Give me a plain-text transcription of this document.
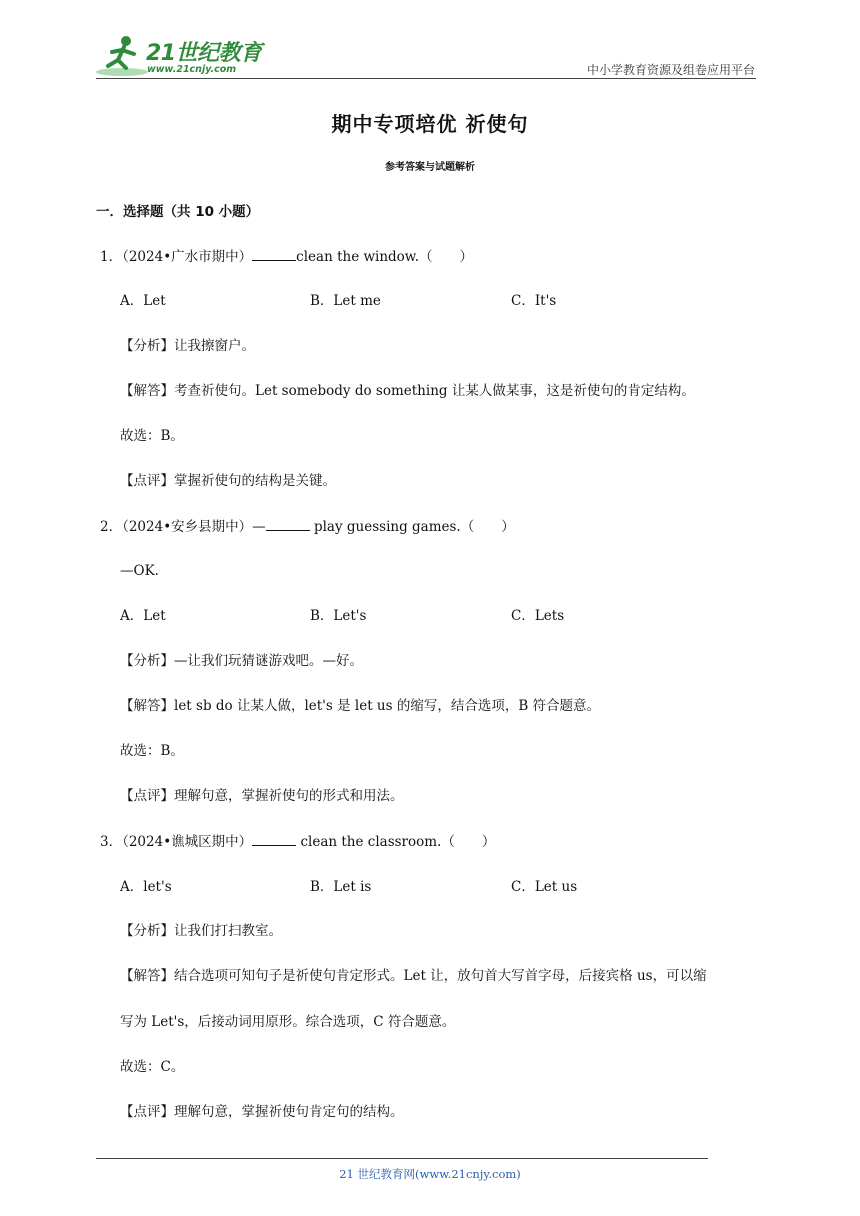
21世纪教育
www.21cnjy.com	中小学教育资源及组卷应用平台
期中专项培优 祈使句
参考答案与试题解析
一．选择题（共 10 小题）
1．（2024•广水市期中）	clean the window.（　　）
A．Let	B．Let me	C．It's
【分析】让我擦窗户。
【解答】考查祈使句。Let somebody do something 让某人做某事，这是祈使句的肯定结构。
故选：B。
【点评】掌握祈使句的结构是关键。
2．（2024•安乡县期中）—	play guessing games.（　　）
—OK.
A．Let	B．Let's	C．Lets
【分析】—让我们玩猜谜游戏吧。—好。
【解答】let sb do 让某人做，let's 是 let us 的缩写，结合选项，B 符合题意。
故选：B。
【点评】理解句意，掌握祈使句的形式和用法。
3．（2024•谯城区期中）	clean the classroom.（　　）
A．let's	B．Let is	C．Let us
【分析】让我们打扫教室。
【解答】结合选项可知句子是祈使句肯定形式。Let 让，放句首大写首字母，后接宾格 us，可以缩
写为 Let's，后接动词用原形。综合选项，C 符合题意。
故选：C。
【点评】理解句意，掌握祈使句肯定句的结构。
21 世纪教育网(www.21cnjy.com)
